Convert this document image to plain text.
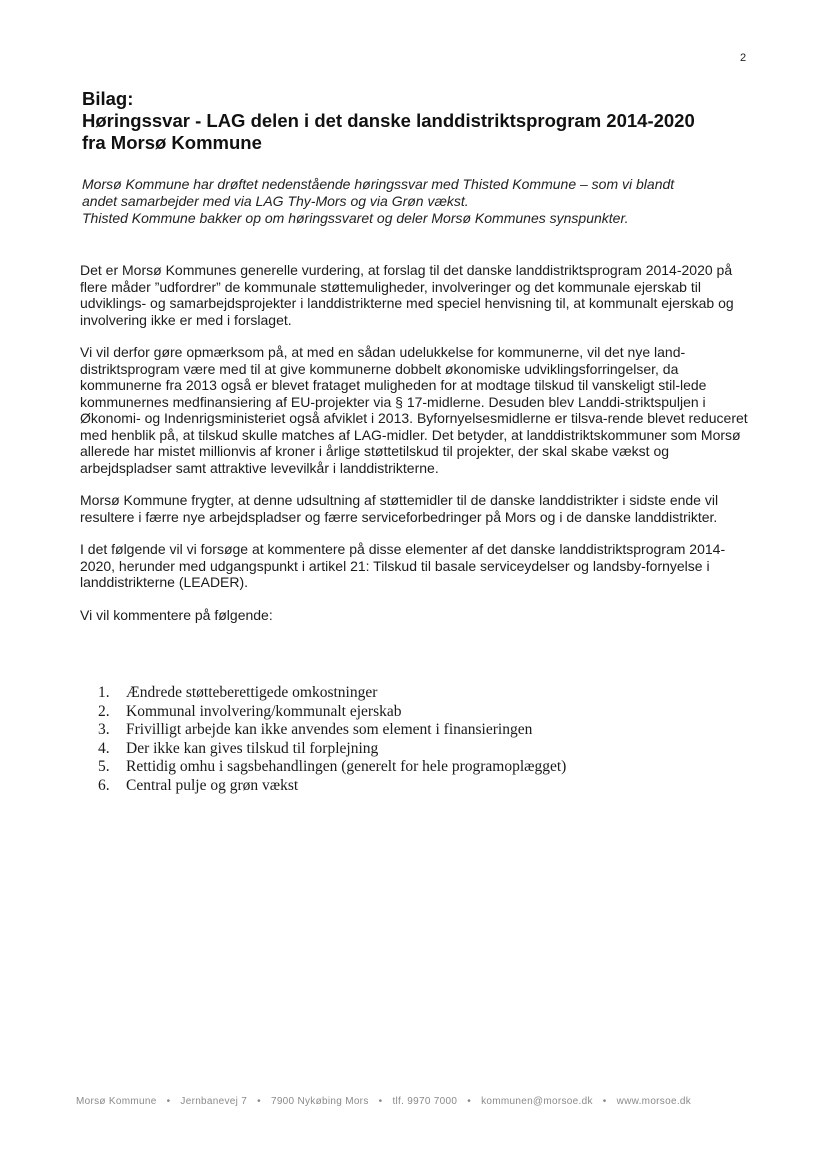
2
Bilag:
Høringssvar - LAG delen i det danske landdistriktsprogram 2014-2020
fra Morsø Kommune
Morsø Kommune har drøftet nedenstående høringssvar med Thisted Kommune – som vi blandt
andet samarbejder med via LAG Thy-Mors og via Grøn vækst.
Thisted Kommune bakker op om høringssvaret og deler Morsø Kommunes synspunkter.

Det er Morsø Kommunes generelle vurdering, at forslag til det danske landdistriktsprogram 2014-2020 på flere måder ”udfordrer” de kommunale støttemuligheder, involveringer og det kommunale ejerskab til udviklings- og samarbejdsprojekter i landdistrikterne med speciel henvisning til, at kommunalt ejerskab og involvering ikke er med i forslaget.

Vi vil derfor gøre opmærksom på, at med en sådan udelukkelse for kommunerne, vil det nye land-distriktsprogram være med til at give kommunerne dobbelt økonomiske udviklingsforringelser, da kommunerne fra 2013 også er blevet frataget muligheden for at modtage tilskud til vanskeligt stil-lede kommunernes medfinansiering af EU-projekter via § 17-midlerne. Desuden blev Landdi-striktspuljen i Økonomi- og Indenrigsministeriet også afviklet i 2013. Byfornyelsesmidlerne er tilsva-rende blevet reduceret med henblik på, at tilskud skulle matches af LAG-midler. Det betyder, at landdistriktskommuner som Morsø allerede har mistet millionvis af kroner i årlige støttetilskud til projekter, der skal skabe vækst og arbejdspladser samt attraktive levevilkår i landdistrikterne.

Morsø Kommune frygter, at denne udsultning af støttemidler til de danske landdistrikter i sidste ende vil resultere i færre nye arbejdspladser og færre serviceforbedringer på Mors og i de danske landdistrikter.

I det følgende vil vi forsøge at kommentere på disse elementer af det danske landdistriktsprogram 2014-2020, herunder med udgangspunkt i artikel 21: Tilskud til basale serviceydelser og landsby-fornyelse i landdistrikterne (LEADER).

Vi vil kommentere på følgende:

1.	Ændrede støtteberettigede omkostninger
2.	Kommunal involvering/kommunalt ejerskab
3.	Frivilligt arbejde kan ikke anvendes som element i finansieringen
4.	Der ikke kan gives tilskud til forplejning
5.	Rettidig omhu i sagsbehandlingen (generelt for hele programoplægget)
6.	Central pulje og grøn vækst
Morsø Kommune • Jernbanevej 7 • 7900 Nykøbing Mors • tlf. 9970 7000 • kommunen@morsoe.dk • www.morsoe.dk
